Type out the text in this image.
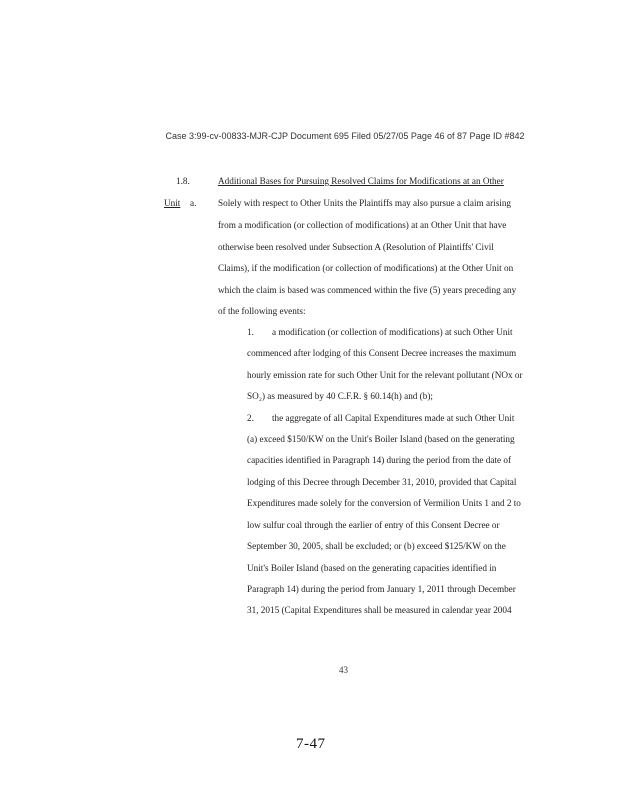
Case 3:99-cv-00833-MJR-CJP Document 695 Filed 05/27/05 Page 46 of 87 Page ID #842
1.8.	Additional Bases for Pursuing Resolved Claims for Modifications at an Other
Unit a. Solely with respect to Other Units the Plaintiffs may also pursue a claim arising
from a modification (or collection of modifications) at an Other Unit that have
otherwise been resolved under Subsection A (Resolution of Plaintiffs' Civil
Claims), if the modification (or collection of modifications) at the Other Unit on
which the claim is based was commenced within the five (5) years preceding any
of the following events:
1. a modification (or collection of modifications) at such Other Unit
commenced after lodging of this Consent Decree increases the maximum
hourly emission rate for such Other Unit for the relevant pollutant (NOx or
SO₂) as measured by 40 C.F.R. § 60.14(h) and (b);
2. the aggregate of all Capital Expenditures made at such Other Unit
(a) exceed $150/KW on the Unit's Boiler Island (based on the generating
capacities identified in Paragraph 14) during the period from the date of
lodging of this Decree through December 31, 2010, provided that Capital
Expenditures made solely for the conversion of Vermilion Units 1 and 2 to
low sulfur coal through the earlier of entry of this Consent Decree or
September 30, 2005, shall be excluded; or (b) exceed $125/KW on the
Unit's Boiler Island (based on the generating capacities identified in
Paragraph 14) during the period from January 1, 2011 through December
31, 2015 (Capital Expenditures shall be measured in calendar year 2004
43
7-47
